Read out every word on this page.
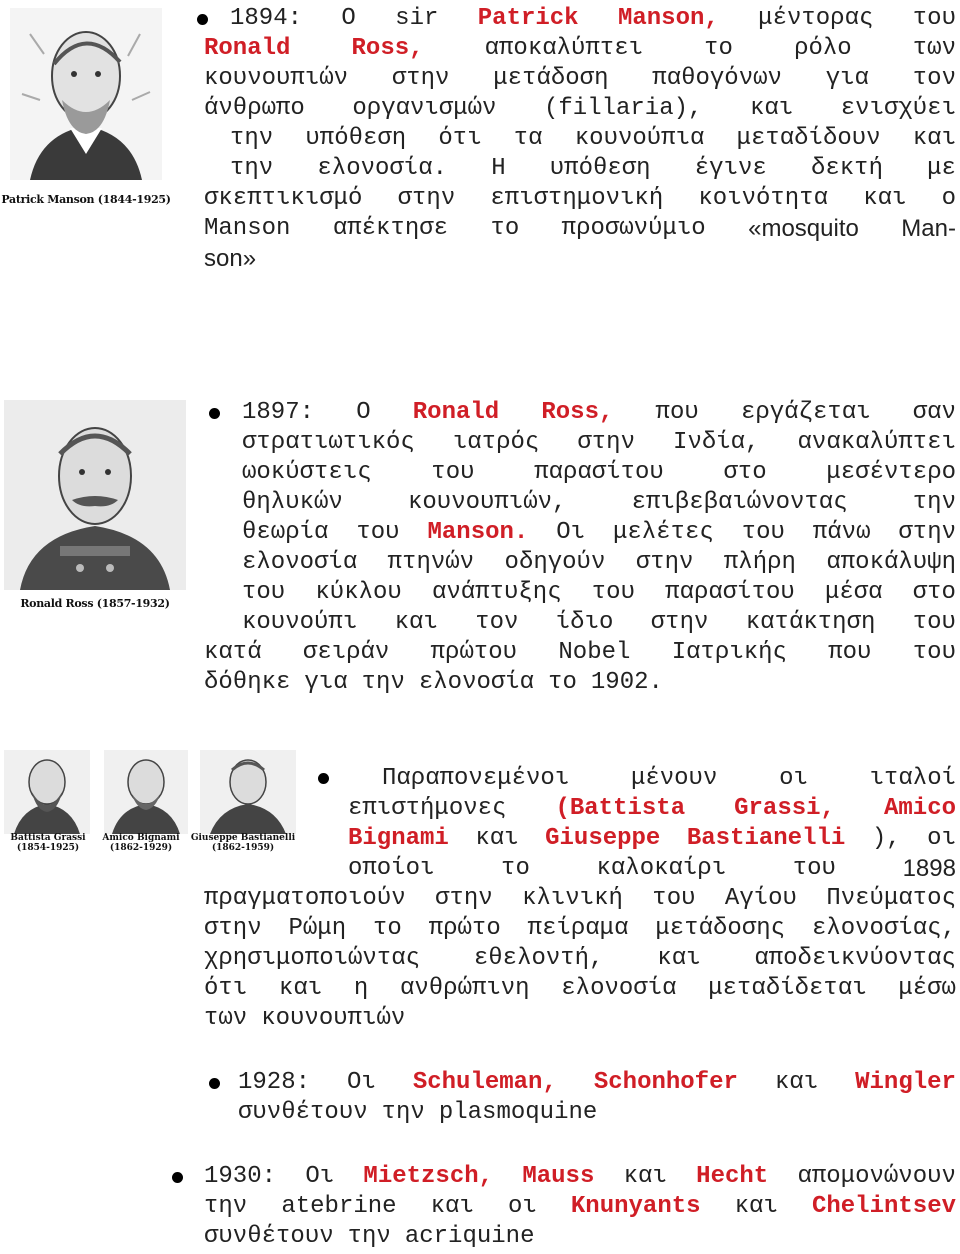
Patrick Manson (1844-1925)
Ronald Ross (1857-1932)
Battista Grassi
(1854-1925)
Amico Bignami
(1862-1929)
Giuseppe Bastianelli
(1862-1959)
1894: Ο sir Patrick Manson, μέντορας του
Ronald	Ross,	αποκαλύπτει	το	ρόλο	των
κουνουπιών στην μετάδοση παθογόνων για τον
άνθρωπο οργανισμών (fillaria), και ενισχύει
την υπόθεση ότι τα κουνούπια μεταδίδουν και
την ελονοσία. Η υπόθεση έγινε δεκτή με
σκεπτικισμό στην επιστημονική κοινότητα και ο
Manson απέκτησε το προσωνύμιο «mosquito Man-
son»
1897: Ο Ronald Ross, που εργάζεται σαν
στρατιωτικός ιατρός στην Ινδία, ανακαλύπτει
ωοκύστεις του παρασίτου στο μεσέντερο
θηλυκών	κουνουπιών,	επιβεβαιώνοντας	την
θεωρία του Manson. Οι μελέτες του πάνω στην
ελονοσία πτηνών οδηγούν στην πλήρη αποκάλυψη
του κύκλου ανάπτυξης του παρασίτου μέσα στο
κουνούπι και τον ίδιο στην κατάκτηση του
κατά σειράν πρώτου Nobel Ιατρικής που του
δόθηκε για την ελονοσία το 1902.
Παραπονεμένοι	μένουν	οι	ιταλοί
επιστήμονες (Battista Grassi, Amico
Bignami και Giuseppe Bastianelli ), οι
οποίοι	το	καλοκαίρι	του	1898
πραγματοποιούν στην κλινική του Αγίου Πνεύματος
στην Ρώμη το πρώτο πείραμα μετάδοσης ελονοσίας,
χρησιμοποιώντας εθελοντή, και αποδεικνύοντας
ότι και η ανθρώπινη ελονοσία μεταδίδεται μέσω
των κουνουπιών
1928: Οι Schuleman, Schonhofer και Wingler
συνθέτουν την plasmoquine
1930: Οι Mietzsch, Mauss και Hecht απομονώνουν
την atebrine και οι Knunyants και Chelintsev
συνθέτουν την acriquine
